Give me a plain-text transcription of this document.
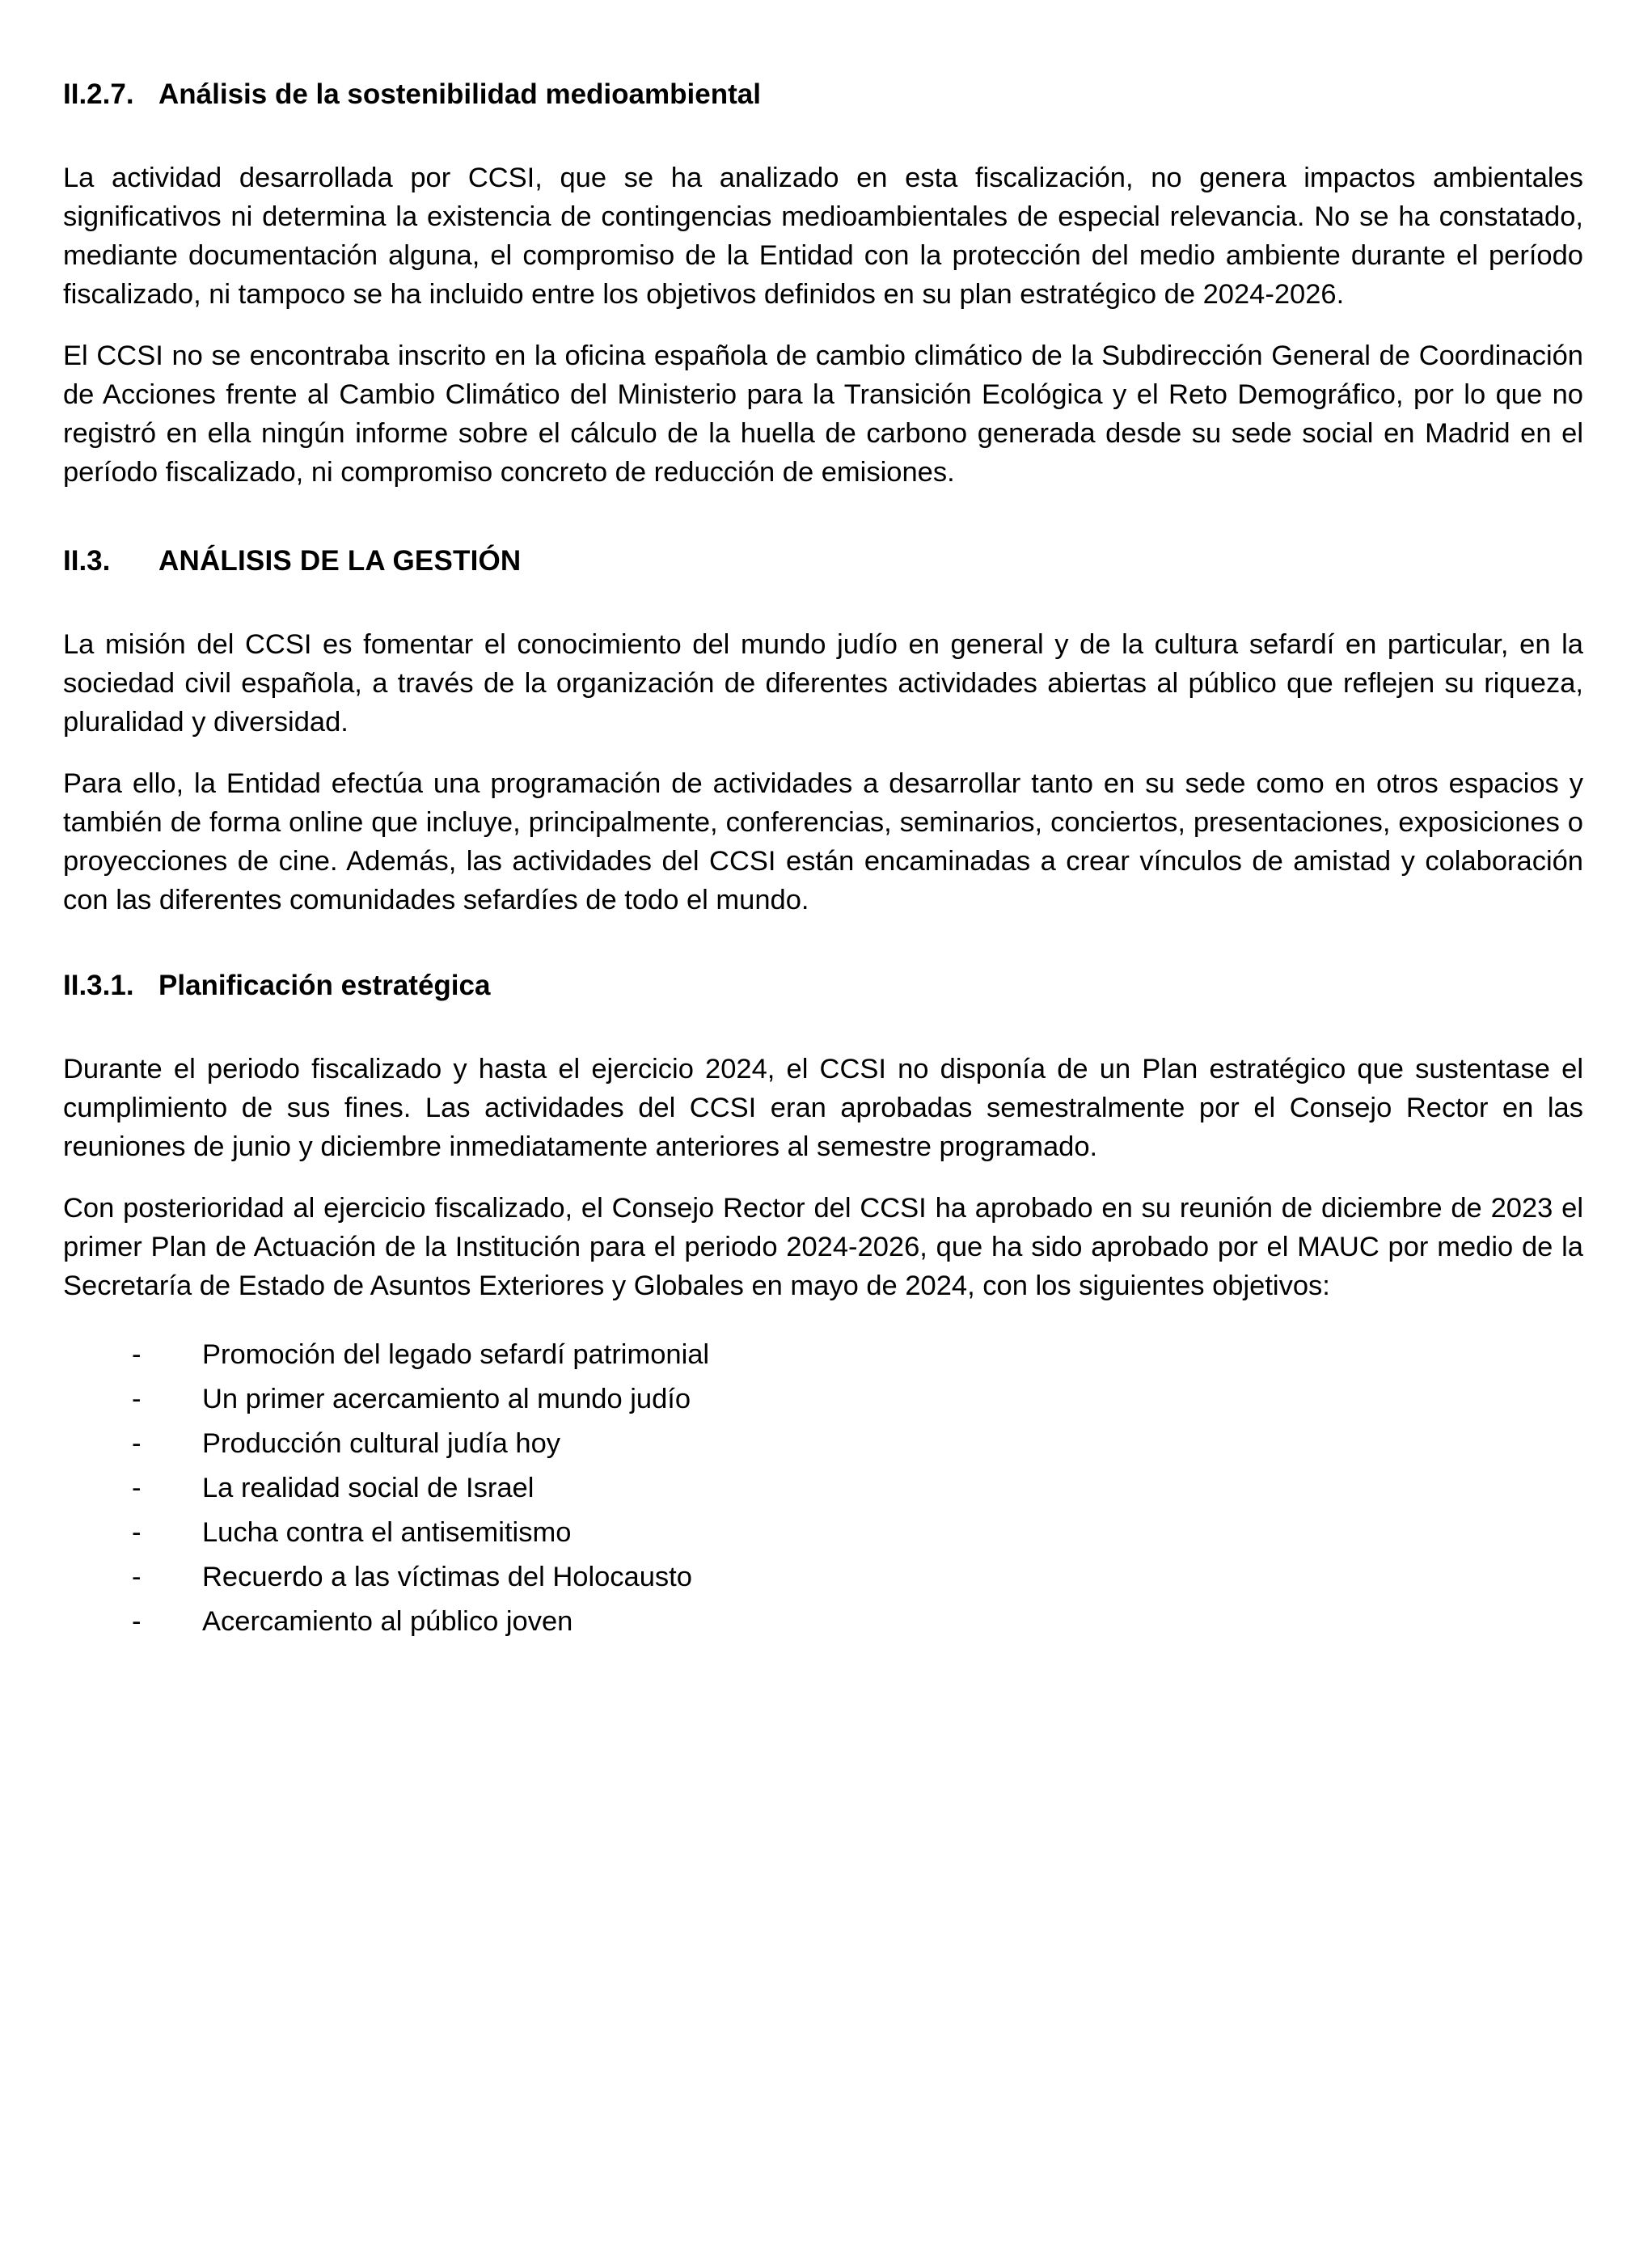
II.2.7. Análisis de la sostenibilidad medioambiental

La actividad desarrollada por CCSI, que se ha analizado en esta fiscalización, no genera impactos ambientales significativos ni determina la existencia de contingencias medioambientales de especial relevancia. No se ha constatado, mediante documentación alguna, el compromiso de la Entidad con la protección del medio ambiente durante el período fiscalizado, ni tampoco se ha incluido entre los objetivos definidos en su plan estratégico de 2024-2026.

El CCSI no se encontraba inscrito en la oficina española de cambio climático de la Subdirección General de Coordinación de Acciones frente al Cambio Climático del Ministerio para la Transición Ecológica y el Reto Demográfico, por lo que no registró en ella ningún informe sobre el cálculo de la huella de carbono generada desde su sede social en Madrid en el período fiscalizado, ni compromiso concreto de reducción de emisiones.

II.3.	ANÁLISIS DE LA GESTIÓN

La misión del CCSI es fomentar el conocimiento del mundo judío en general y de la cultura sefardí en particular, en la sociedad civil española, a través de la organización de diferentes actividades abiertas al público que reflejen su riqueza, pluralidad y diversidad.

Para ello, la Entidad efectúa una programación de actividades a desarrollar tanto en su sede como en otros espacios y también de forma online que incluye, principalmente, conferencias, seminarios, conciertos, presentaciones, exposiciones o proyecciones de cine. Además, las actividades del CCSI están encaminadas a crear vínculos de amistad y colaboración con las diferentes comunidades sefardíes de todo el mundo.

II.3.1. Planificación estratégica

Durante el periodo fiscalizado y hasta el ejercicio 2024, el CCSI no disponía de un Plan estratégico que sustentase el cumplimiento de sus fines. Las actividades del CCSI eran aprobadas semestralmente por el Consejo Rector en las reuniones de junio y diciembre inmediatamente anteriores al semestre programado.

Con posterioridad al ejercicio fiscalizado, el Consejo Rector del CCSI ha aprobado en su reunión de diciembre de 2023 el primer Plan de Actuación de la Institución para el periodo 2024-2026, que ha sido aprobado por el MAUC por medio de la Secretaría de Estado de Asuntos Exteriores y Globales en mayo de 2024, con los siguientes objetivos:

-	Promoción del legado sefardí patrimonial
-	Un primer acercamiento al mundo judío
-	Producción cultural judía hoy
-	La realidad social de Israel
-	Lucha contra el antisemitismo
-	Recuerdo a las víctimas del Holocausto
-	Acercamiento al público joven
